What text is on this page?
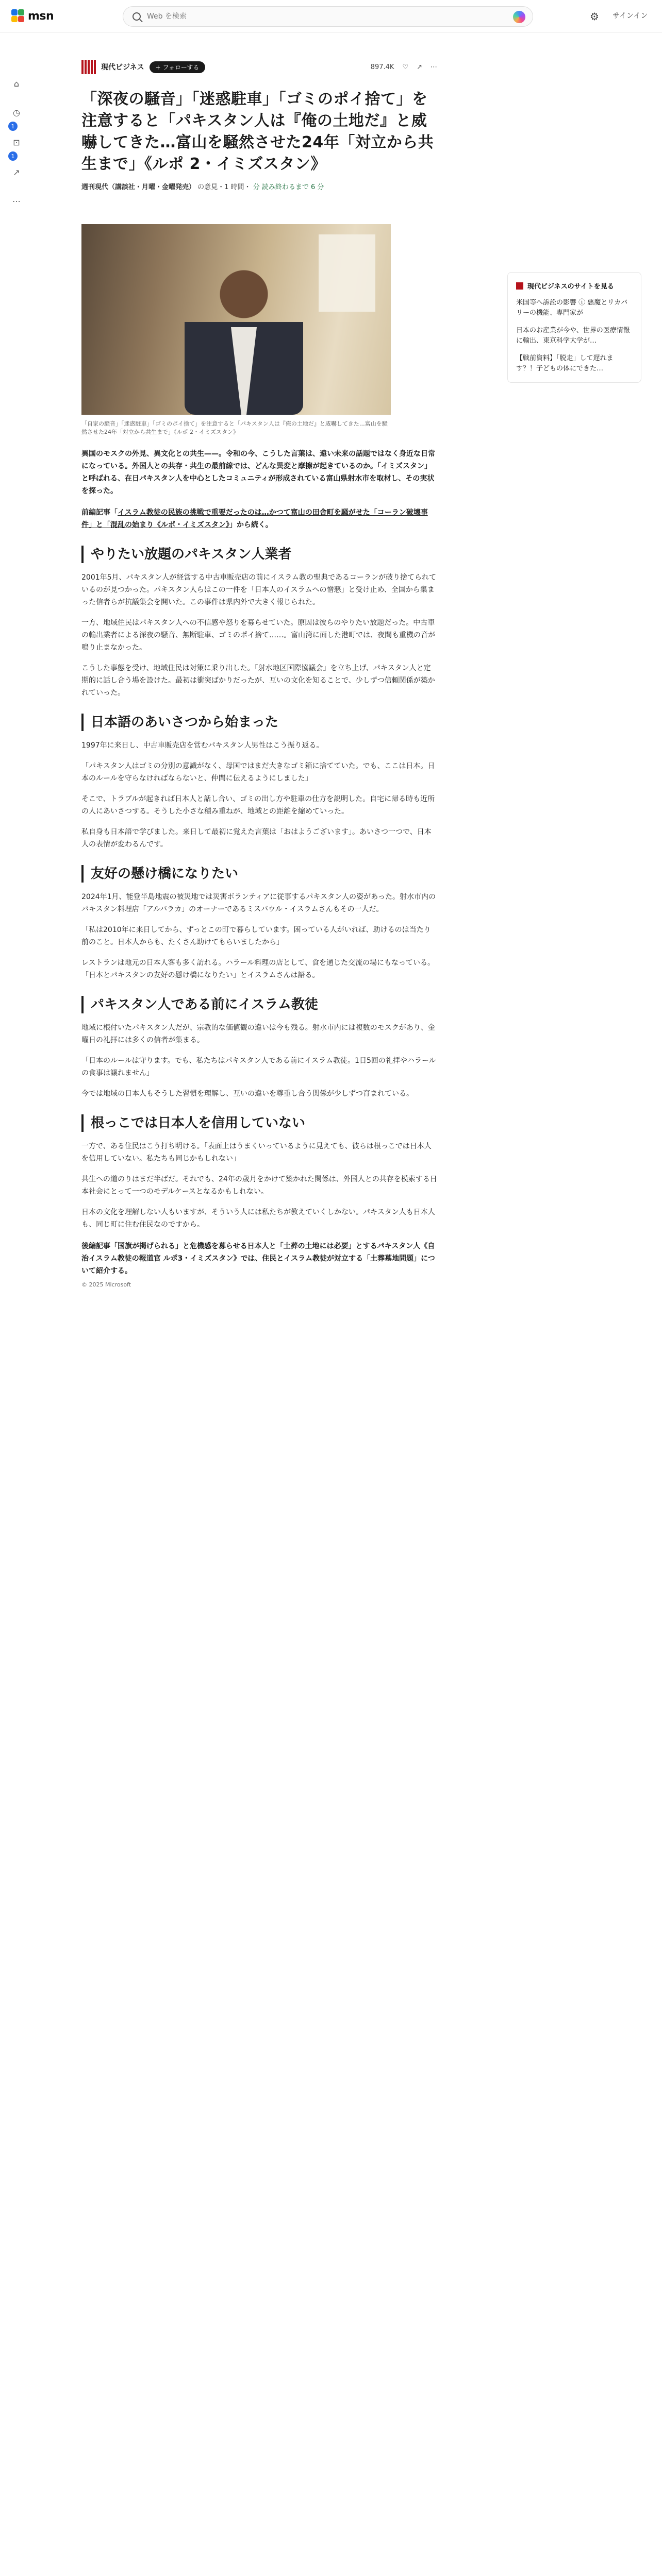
msn
Web を検索	⚙ サインイン
⌂
◷
1
⊡
1
↗
⋯
現代ビジネス	+ フォローする	897.4K ♡ ↗ ⋯
「深夜の騒音」「迷惑駐車」「ゴミのポイ捨て」を注意すると「パキスタン人は『俺の土地だ』と威嚇してきた…富山を騒然させた24年「対立から共生まで」《ルポ 2・イミズスタン》
週刊現代（講談社・月曜・金曜発売） の意見・1 時間・ 分 読み終わるまで 6 分

「自家の騒音」「迷惑駐車」「ゴミのポイ捨て」を注意すると「パキスタン人は『俺の土地だ』と威嚇してきた…富山を騒然させた24年「対立から共生まで」《ルポ 2・イミズスタン》

異国のモスクの外見、異文化との共生——。令和の今、こうした言葉は、遠い未来の話題ではなく身近な日常になっている。外国人との共存・共生の最前線では、どんな異変と摩擦が起きているのか。「イミズスタン」と呼ばれる、在日パキスタン人を中心としたコミュニティが形成されている富山県射水市を取材し、その実状を探った。

前編記事「イスラム教徒の民族の挑戦で重要だったのは…かつて富山の田舎町を騒がせた「コーラン破壊事件」と「混乱の始まり《ルポ・イミズスタン》」から続く。

やりたい放題のパキスタン人業者

2001年5月、パキスタン人が経営する中古車販売店の前にイスラム教の聖典であるコーランが破り捨てられているのが見つかった。パキスタン人らはこの一件を「日本人のイスラムへの憎悪」と受け止め、全国から集まった信者らが抗議集会を開いた。この事件は県内外で大きく報じられた。

一方、地域住民はパキスタン人への不信感や怒りを募らせていた。原因は彼らのやりたい放題だった。中古車の輸出業者による深夜の騒音、無断駐車、ゴミのポイ捨て……。富山湾に面した港町では、夜間も重機の音が鳴り止まなかった。

こうした事態を受け、地域住民は対策に乗り出した。「射水地区国際協議会」を立ち上げ、パキスタン人と定期的に話し合う場を設けた。最初は衝突ばかりだったが、互いの文化を知ることで、少しずつ信頼関係が築かれていった。

日本語のあいさつから始まった

1997年に来日し、中古車販売店を営むパキスタン人男性はこう振り返る。

「パキスタン人はゴミの分別の意識がなく、母国ではまだ大きなゴミ箱に捨てていた。でも、ここは日本。日本のルールを守らなければならないと、仲間に伝えるようにしました」

そこで、トラブルが起きれば日本人と話し合い、ゴミの出し方や駐車の仕方を説明した。自宅に帰る時も近所の人にあいさつする。そうした小さな積み重ねが、地域との距離を縮めていった。

私自身も日本語で学びました。来日して最初に覚えた言葉は「おはようございます」。あいさつ一つで、日本人の表情が変わるんです。

友好の懸け橋になりたい

2024年1月、能登半島地震の被災地では災害ボランティアに従事するパキスタン人の姿があった。射水市内のパキスタン料理店「アルバラカ」のオーナーであるミスバウル・イスラムさんもその一人だ。

「私は2010年に来日してから、ずっとこの町で暮らしています。困っている人がいれば、助けるのは当たり前のこと。日本人からも、たくさん助けてもらいましたから」

レストランは地元の日本人客も多く訪れる。ハラール料理の店として、食を通じた交流の場にもなっている。「日本とパキスタンの友好の懸け橋になりたい」とイスラムさんは語る。

パキスタン人である前にイスラム教徒

地域に根付いたパキスタン人だが、宗教的な価値観の違いは今も残る。射水市内には複数のモスクがあり、金曜日の礼拝には多くの信者が集まる。

「日本のルールは守ります。でも、私たちはパキスタン人である前にイスラム教徒。1日5回の礼拝やハラールの食事は譲れません」

今では地域の日本人もそうした習慣を理解し、互いの違いを尊重し合う関係が少しずつ育まれている。

根っこでは日本人を信用していない

一方で、ある住民はこう打ち明ける。「表面上はうまくいっているように見えても、彼らは根っこでは日本人を信用していない。私たちも同じかもしれない」

共生への道のりはまだ半ばだ。それでも、24年の歳月をかけて築かれた関係は、外国人との共存を模索する日本社会にとって一つのモデルケースとなるかもしれない。

日本の文化を理解しない人もいますが、そういう人には私たちが教えていくしかない。パキスタン人も日本人も、同じ町に住む住民なのですから。

後編記事「国旗が掲げられる」と危機感を募らせる日本人と「土葬の土地には必要」とするパキスタン人《自治イスラム教徒の報道官 ルポ3・イミズスタン》では、住民とイスラム教徒が対立する「土葬墓地問題」について紹介する。

© 2025 Microsoft

現代ビジネスのサイトを見る

米国等へ訴訟の影響 ⓘ 悪魔とリカバリーの機能、専門家が

日本のお産業が今や、世界の医療情報に輸出、東京科学大学が…

【戦前資料】「脱走」して遅れます？！子どもの体にできた…
